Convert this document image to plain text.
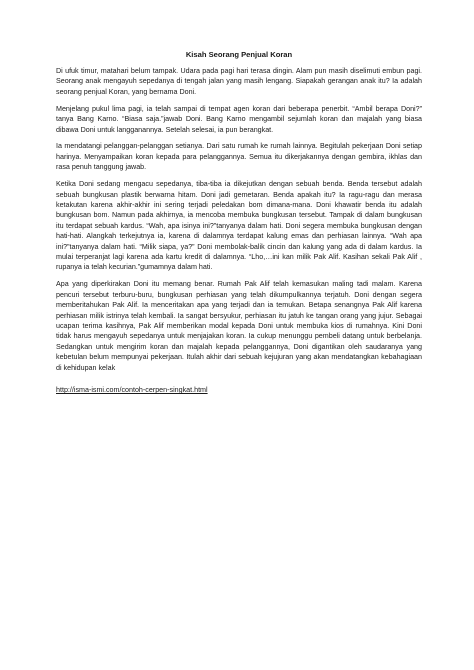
Kisah Seorang Penjual Koran

Di ufuk timur, matahari belum tampak. Udara pada pagi hari terasa dingin. Alam pun masih diselimuti embun pagi. Seorang anak mengayuh sepedanya di tengah jalan yang masih lengang. Siapakah gerangan anak itu? Ia adalah seorang penjual Koran, yang bernama Doni.

Menjelang pukul lima pagi, ia telah sampai di tempat agen koran dari beberapa penerbit. “Ambil berapa Doni?” tanya Bang Karno. “Biasa saja.”jawab Doni. Bang Karno mengambil sejumlah koran dan majalah yang biasa dibawa Doni untuk langganannya. Setelah selesai, ia pun berangkat.

Ia mendatangi pelanggan-pelanggan setianya. Dari satu rumah ke rumah lainnya. Begitulah pekerjaan Doni setiap harinya. Menyampaikan koran kepada para pelanggannya. Semua itu dikerjakannya dengan gembira, ikhlas dan rasa penuh tanggung jawab.

Ketika Doni sedang mengacu sepedanya, tiba-tiba ia dikejutkan dengan sebuah benda. Benda tersebut adalah sebuah bungkusan plastik berwarna hitam. Doni jadi gemetaran. Benda apakah itu? Ia ragu-ragu dan merasa ketakutan karena akhir-akhir ini sering terjadi peledakan bom dimana-mana. Doni khawatir benda itu adalah bungkusan bom. Namun pada akhirnya, ia mencoba membuka bungkusan tersebut. Tampak di dalam bungkusan itu terdapat sebuah kardus. “Wah, apa isinya ini?”tanyanya dalam hati. Doni segera membuka bungkusan dengan hati-hati. Alangkah terkejutnya ia, karena di dalamnya terdapat kalung emas dan perhiasan lainnya. “Wah apa ini?”tanyanya dalam hati. “Milik siapa, ya?” Doni membolak-balik cincin dan kalung yang ada di dalam kardus. Ia mulai terperanjat lagi karena ada kartu kredit di dalamnya. “Lho,…ini kan milik Pak Alif. Kasihan sekali Pak Alif , rupanya ia telah kecurian.”gumamnya dalam hati.

Apa yang diperkirakan Doni itu memang benar. Rumah Pak Alif telah kemasukan maling tadi malam. Karena pencuri tersebut terburu-buru, bungkusan perhiasan yang telah dikumpulkannya terjatuh. Doni dengan segera memberitahukan Pak Alif. Ia menceritakan apa yang terjadi dan ia temukan. Betapa senangnya Pak Alif karena perhiasan milik istrinya telah kembali. Ia sangat bersyukur, perhiasan itu jatuh ke tangan orang yang jujur. Sebagai ucapan terima kasihnya, Pak Alif memberikan modal kepada Doni untuk membuka kios di rumahnya. Kini Doni tidak harus mengayuh sepedanya untuk menjajakan koran. Ia cukup menunggu pembeli datang untuk berbelanja. Sedangkan untuk mengirim koran dan majalah kepada pelanggannya, Doni digantikan oleh saudaranya yang kebetulan belum mempunyai pekerjaan. Itulah akhir dari sebuah kejujuran yang akan mendatangkan kebahagiaan di kehidupan kelak

http://isma-ismi.com/contoh-cerpen-singkat.html
